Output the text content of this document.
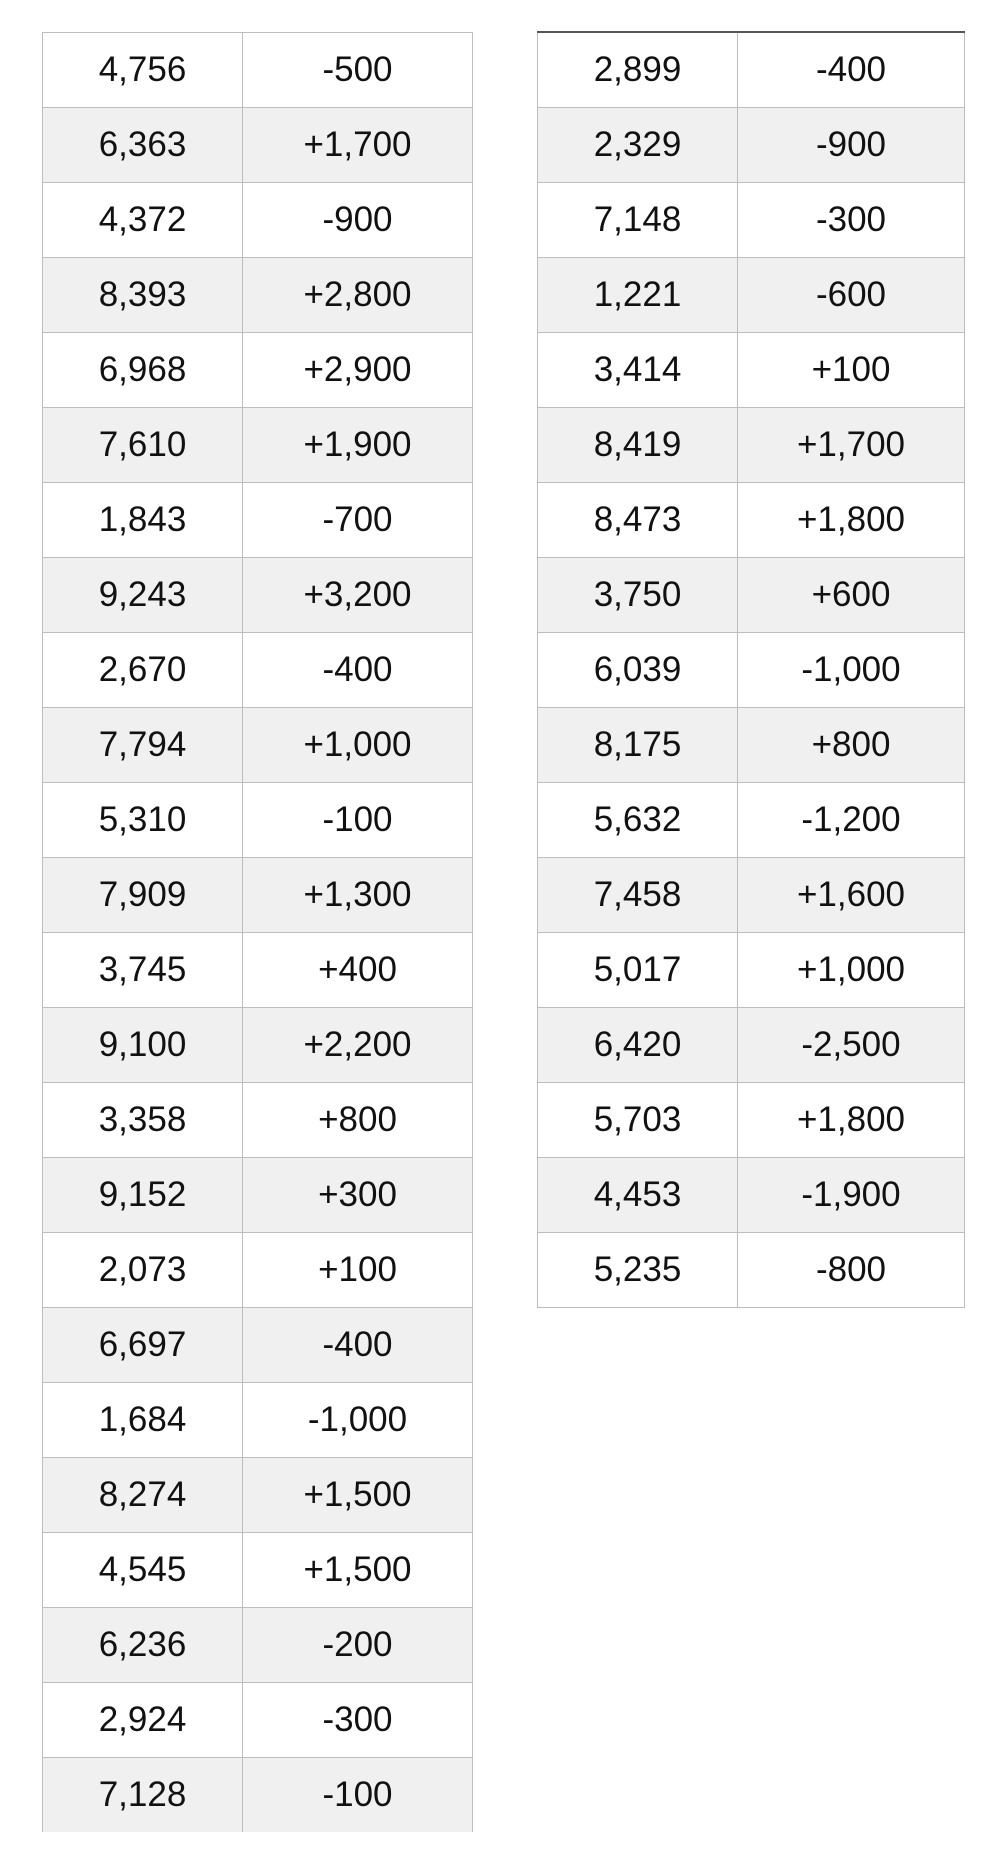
4,756	-500
6,363	+1,700
4,372	-900
8,393	+2,800
6,968	+2,900
7,610	+1,900
1,843	-700
9,243	+3,200
2,670	-400
7,794	+1,000
5,310	-100
7,909	+1,300
3,745	+400
9,100	+2,200
3,358	+800
9,152	+300
2,073	+100
6,697	-400
1,684	-1,000
8,274	+1,500
4,545	+1,500
6,236	-200
2,924	-300
7,128	-100
2,899	-400
2,329	-900
7,148	-300
1,221	-600
3,414	+100
8,419	+1,700
8,473	+1,800
3,750	+600
6,039	-1,000
8,175	+800
5,632	-1,200
7,458	+1,600
5,017	+1,000
6,420	-2,500
5,703	+1,800
4,453	-1,900
5,235	-800
